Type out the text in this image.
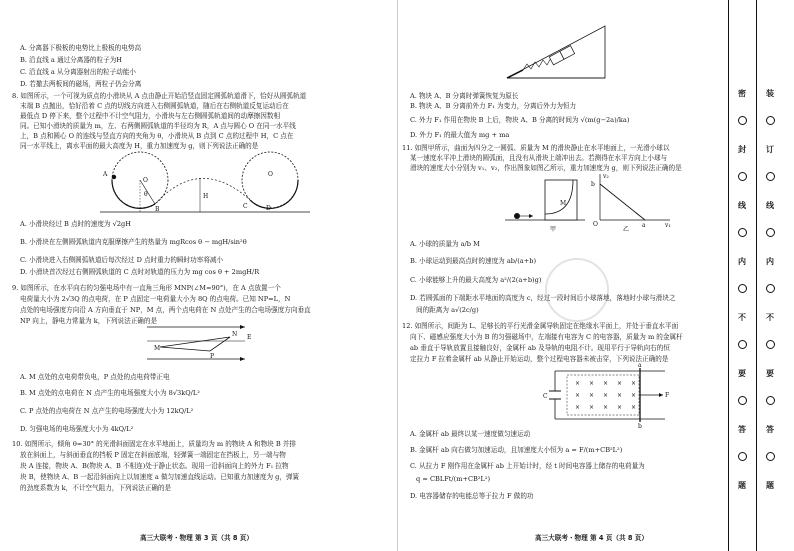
A. 分离器下极板的电势比上极板的电势高
B. 沿直线 a 通过分离器的粒子为H
C. 沿直线 a 从分离器射出的粒子动能小
D. 若撤去两板间的磁场，两粒子仍会分离
8. 如图所示，一个可视为质点的小滑块从 A 点由静止开始沿竖直固定圆弧轨道滑下，恰好从圆弧轨道
末端 B 点抛出，恰好沿着 C 点的切线方向进入右侧圆弧轨道，随后在右侧轨道反复运动后在
最低点 D 停下来，整个过程中不计空气阻力，小滑块与左右侧圆弧轨道间的动摩擦因数相
同。已知小滑块的质量为 m，左、右两侧圆弧轨道的半径均为 R，A 点与圆心 O 在同一水平线
上，B 点和圆心 O 的连线与竖直方向的夹角为 θ，小滑块从 B 点到 C 点的过程中 H，C 点在
同一水平线上，离水平面的最大高度为 H，重力加速度为 g，则下列说法正确的是
A. 小滑块经过 B 点时的速度为 √2gH
B. 小滑块在左侧圆弧轨道内克服摩擦产生的热量为 mgRcos θ − mgH/sin²θ
C. 小滑块进入右侧圆弧轨道后每次经过 D 点时重力的瞬时功率将减小
D. 小滑块首次经过右侧圆弧轨道的 C 点时对轨道的压力为 mg cos θ + 2mgH/R
9. 如图所示，在水平向右的匀强电场中有一直角三角形 MNP(∠M=90°)，在 A 点放置一个
电荷量大小为 2√3Q 的点电荷，在 P 点固定一电荷量大小为 8Q 的点电荷。已知 NP=L，N
点处的电场强度方向沿 A 方向垂直于 NP，M 点，两个点电荷在 N 点处产生的合电场强度方向垂直
NP 向上，静电力常量为 k，下列说法正确的是
A. M 点处的点电荷带负电，P 点处的点电荷带正电
B. M 点处的点电荷在 N 点产生的电场强度大小为 8√3kQ/L²
C. P 点处的点电荷在 N 点产生的电场强度大小为 12kQ/L²
D. 匀强电场的电场强度大小为 4kQ/L²
10. 如图所示，倾角 θ=30° 的光滑斜面固定在水平地面上，质量均为 m 的物块 A 和物块 B 并排
放在斜面上，与斜面垂直的挡板 P 固定在斜面底端，轻弹簧一端固定在挡板上，另一端与物
块 A 连接，物块 A、B(物块 A、B 不相连)处于静止状态。现用一沿斜面向上的外力 F₁ 拉物
块 B，使物块 A、B 一起沿斜面向上以加速度 a 做匀加速直线运动。已知重力加速度为 g，弹簧
的劲度系数为 k，不计空气阻力，下列说法正确的是
A
O
θ
B
H
C
O
D
M
N
P
E
高三大联考・物理 第 3 页（共 8 页）
A. 物块 A、B 分离时弹簧恢复为原长
B. 物块 A、B 分离前外力 F₁ 为变力，分离后外力为恒力
C. 外力 F₁ 作用在物块 B 上后，物块 A、B 分离的时间为 √(m(g−2a)/ka)
D. 外力 F₁ 的最大值为 mg + ma
11. 如图甲所示，曲面为四分之一圆弧、质量为 M 的滑块静止在水平地面上，一光滑小球以
某一速度水平冲上滑块的圆弧面，且没有从滑块上端冲出去。若测得在水平方向上小球与
滑块的速度大小分别为 v₁、v₂，作出图象如图乙所示，重力加速度为 g，则下列说法正确的是
A. 小球的质量为 a/b M
B. 小球运动到最高点时的速度为 ab/(a+b)
C. 小球能够上升的最大高度为 a²/(2(a+b)g)
D. 若圆弧面的下端距水平地面的高度为 c，经过一段时间后小球落地，落地时小球与滑块之
间的距离为 a√(2c/g)
12. 如图所示，间距为 L、足够长的平行光滑金属导轨固定在绝缘水平面上，并处于垂直水平面
向下、磁感应强度大小为 B 的匀强磁场中，左端接有电容为 C 的电容器，质量为 m 的金属杆
ab 垂直于导轨放置且接触良好，金属杆 ab 及导轨的电阻不计。现用平行于导轨向右的恒
定拉力 F 拉着金属杆 ab 从静止开始运动，整个过程电容器未被击穿，下列说法正确的是
A. 金属杆 ab 最终以某一速度做匀速运动
B. 金属杆 ab 向右做匀加速运动，且加速度大小恒为 a = F/(m+CB²L²)
C. 从拉力 F 刚作用在金属杆 ab 上开始计时，经 t 时间电容器上储存的电荷量为
q = CBLFt/(m+CB²L²)
D. 电容器储存的电能总等于拉力 F 做的功
M
甲
b
v₂
a	v₁
O
乙
C
× × × × ×
× × × × ×
× × × × ×
a
b
F
高三大联考・物理 第 4 页（共 8 页）
密
封
线
内
不
要
答
题
装
订
线
内
不
要
答
题
